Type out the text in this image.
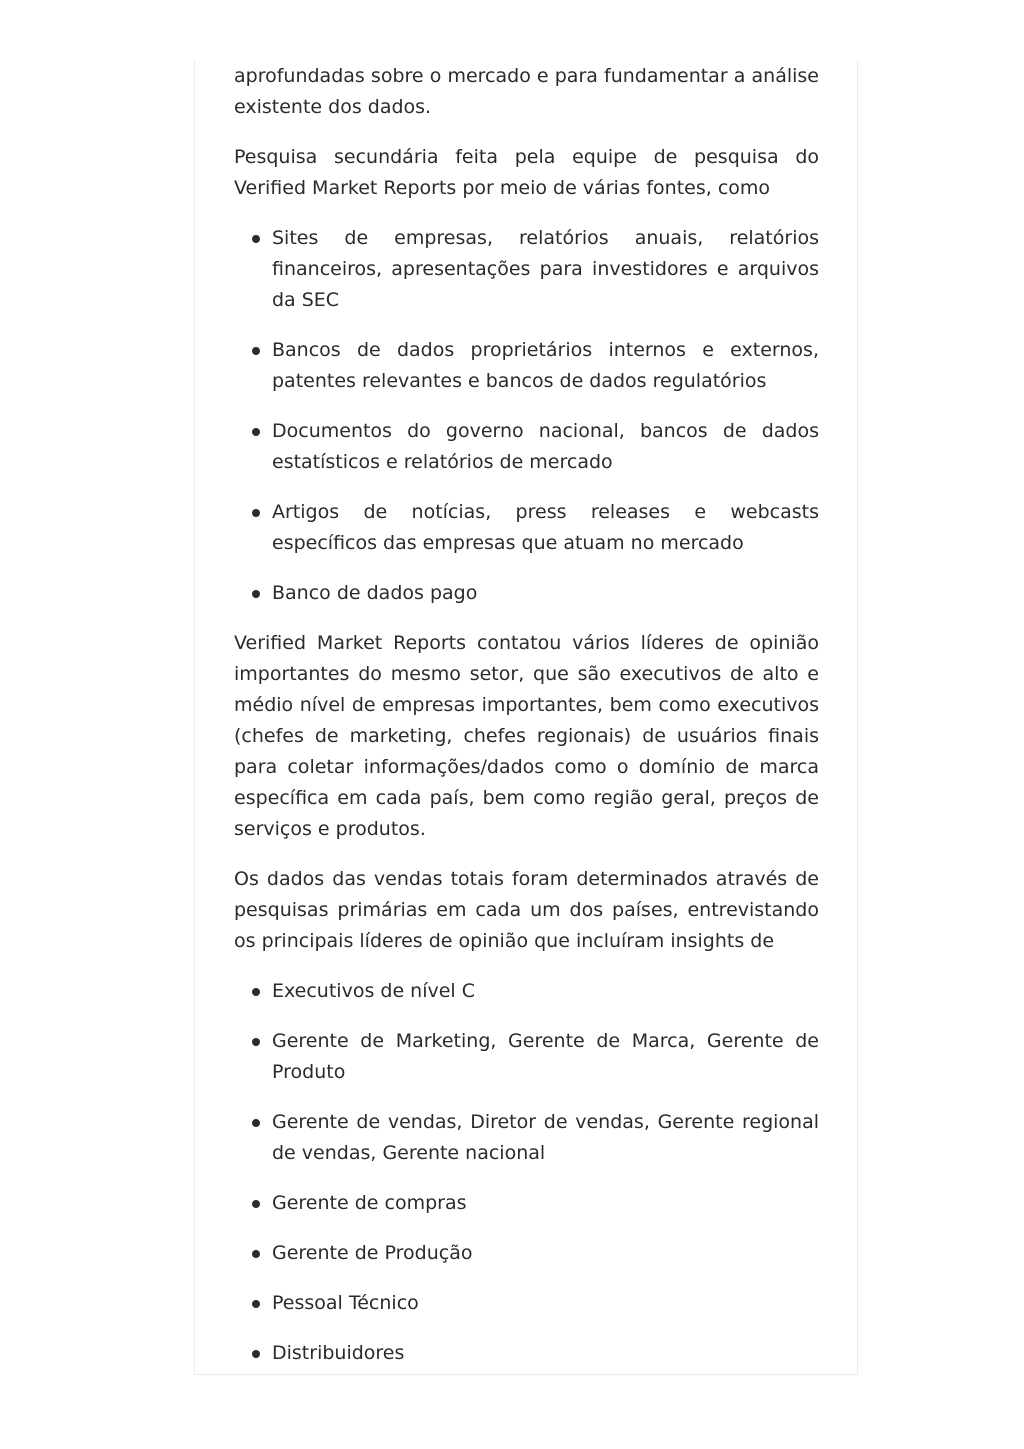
aprofundadas sobre o mercado e para fundamentar a análise existente dos dados.

Pesquisa secundária feita pela equipe de pesquisa do Verified Market Reports por meio de várias fontes, como

Sites de empresas, relatórios anuais, relatórios financeiros, apresentações para investidores e arquivos da SEC
Bancos de dados proprietários internos e externos, patentes relevantes e bancos de dados regulatórios
Documentos do governo nacional, bancos de dados estatísticos e relatórios de mercado
Artigos de notícias, press releases e webcasts específicos das empresas que atuam no mercado
Banco de dados pago

Verified Market Reports contatou vários líderes de opinião importantes do mesmo setor, que são executivos de alto e médio nível de empresas importantes, bem como executivos (chefes de marketing, chefes regionais) de usuários finais para coletar informações/dados como o domínio de marca específica em cada país, bem como região geral, preços de serviços e produtos.

Os dados das vendas totais foram determinados através de pesquisas primárias em cada um dos países, entrevistando os principais líderes de opinião que incluíram insights de

Executivos de nível C
Gerente de Marketing, Gerente de Marca, Gerente de Produto
Gerente de vendas, Diretor de vendas, Gerente regional de vendas, Gerente nacional
Gerente de compras
Gerente de Produção
Pessoal Técnico
Distribuidores
